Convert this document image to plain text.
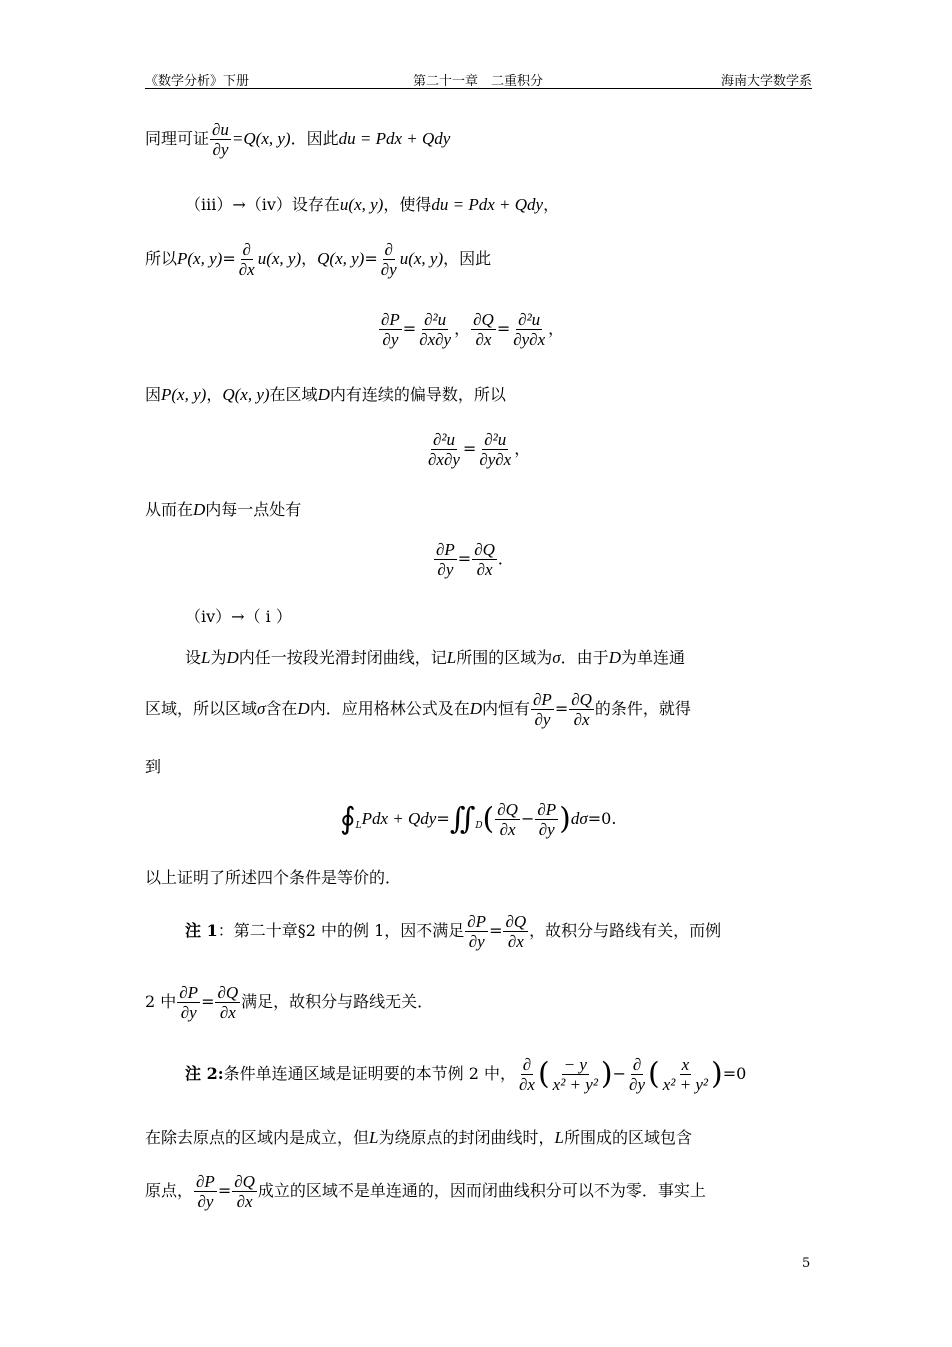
《数学分析》下册	第二十一章　二重积分	海南大学数学系
同理可证 $\frac{\partial u}{\partial y} =Q(x$, y)．因此du = Pdx + Qdy
（iii）→（iv）设存在u(x, y)，使得du = Pdx + Qdy，
所以P(x, $y)= \frac{\partial}{\partial x} u(x$, y)，Q(x, $y)= \frac{\partial}{\partial y} u(x$, y)，因此
$\frac{\partial P}{\partial y} = \frac{\text{∂²u}}{\partial x\partial y}$ ， $\frac{\partial Q}{\partial x} = \frac{\text{∂²u}}{\partial y\partial x}$ ，
因P(x, y)，Q(x, y)在区域D内有连续的偏导数，所以
$\frac{\text{∂²u}}{\partial x\partial y} = \frac{\text{∂²u}}{\partial y\partial x}$ ，
从而在D内每一点处有
$\frac{\partial P}{\partial y} = \frac{\partial Q}{\partial x}$ ．
（iv）→（ i ）
设L为D内任一按段光滑封闭曲线，记L所围的区域为σ．由于D为单连通
区域，所以区域σ含在D内．应用格林公式及在D内恒有 $\frac{\partial P}{\partial y} = \frac{\partial Q}{\partial x}$ 的条件，就得
到
$∮_LPdx$ + $Qdy=∬_D( \frac{\partial Q}{\partial x} - \frac{\partial P}{\partial y} )d\sigma=0$.
以上证明了所述四个条件是等价的．
注 1：第二十章§2 中的例 1，因不满足 $\frac{\partial P}{\partial y} = \frac{\partial Q}{\partial x}$ ，故积分与路线有关，而例
2 中 $\frac{\partial P}{\partial y} = \frac{\partial Q}{\partial x}$ 满足，故积分与路线无关．
注 2:条件单连通区域是证明要的本节例 2 中， $\frac{\partial}{\partial x}$ ( $\frac{- y}{\text{x² + y²}}$ )− $\frac{\partial}{\partial y}$ ( $\frac{x}{\text{x² + y²}} )=0$
在除去原点的区域内是成立，但L为绕原点的封闭曲线时，L所围成的区域包含
原点， $\frac{\partial P}{\partial y} = \frac{\partial Q}{\partial x}$ 成立的区域不是单连通的，因而闭曲线积分可以不为零．事实上
5
